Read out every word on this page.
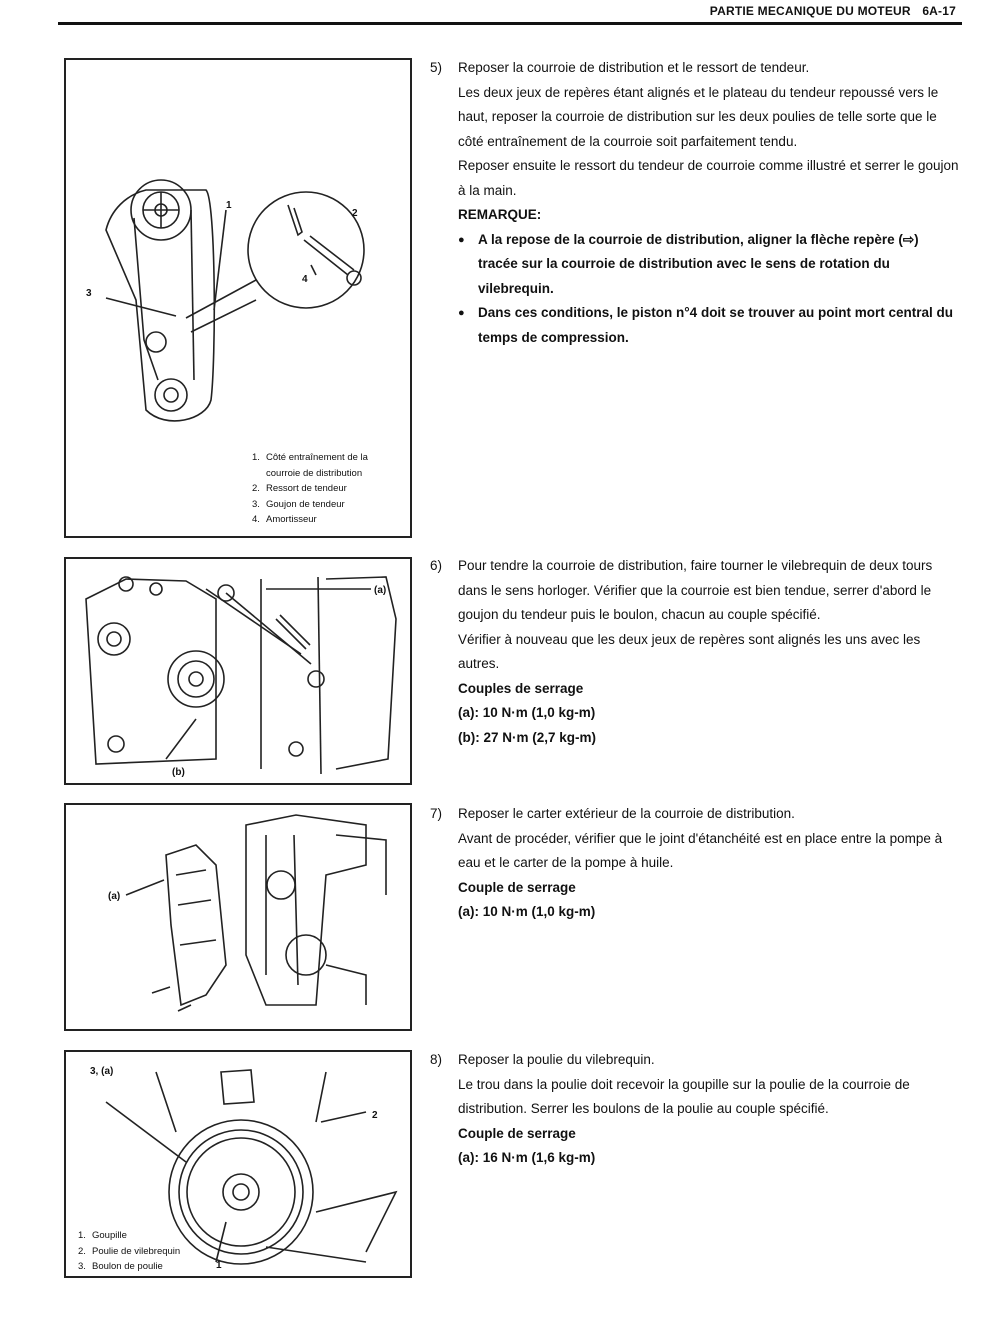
PARTIE MECANIQUE DU MOTEUR 6A-17
1
2
3
4
1. Côté entraînement de la
courroie de distribution
2. Ressort de tendeur
3. Goujon de tendeur
4. Amortisseur
(a)
(b)
(a)
3, (a)
2
1
1. Goupille
2. Poulie de vilebrequin
3. Boulon de poulie
5) Reposer la courroie de distribution et le ressort de tendeur.

Les deux jeux de repères étant alignés et le plateau du tendeur repoussé vers le haut, reposer la courroie de distribution sur les deux poulies de telle sorte que le côté entraînement de la courroie soit parfaitement tendu.

Reposer ensuite le ressort du tendeur de courroie comme illustré et serrer le goujon à la main.

REMARQUE:

● A la repose de la courroie de distribution, aligner la flèche repère (⇨) tracée sur la courroie de distribution avec le sens de rotation du vilebrequin.
● Dans ces conditions, le piston n°4 doit se trouver au point mort central du temps de compression.
6) Pour tendre la courroie de distribution, faire tourner le vilebrequin de deux tours dans le sens horloger. Vérifier que la courroie est bien tendue, serrer d'abord le goujon du tendeur puis le boulon, chacun au couple spécifié.

Vérifier à nouveau que les deux jeux de repères sont alignés les uns avec les autres.

Couples de serrage

(a): 10 N·m (1,0 kg-m)

(b): 27 N·m (2,7 kg-m)

7) Reposer le carter extérieur de la courroie de distribution.

Avant de procéder, vérifier que le joint d'étanchéité est en place entre la pompe à eau et le carter de la pompe à huile.

Couple de serrage

(a): 10 N·m (1,0 kg-m)

8) Reposer la poulie du vilebrequin.

Le trou dans la poulie doit recevoir la goupille sur la poulie de la courroie de distribution. Serrer les boulons de la poulie au couple spécifié.

Couple de serrage

(a): 16 N·m (1,6 kg-m)
